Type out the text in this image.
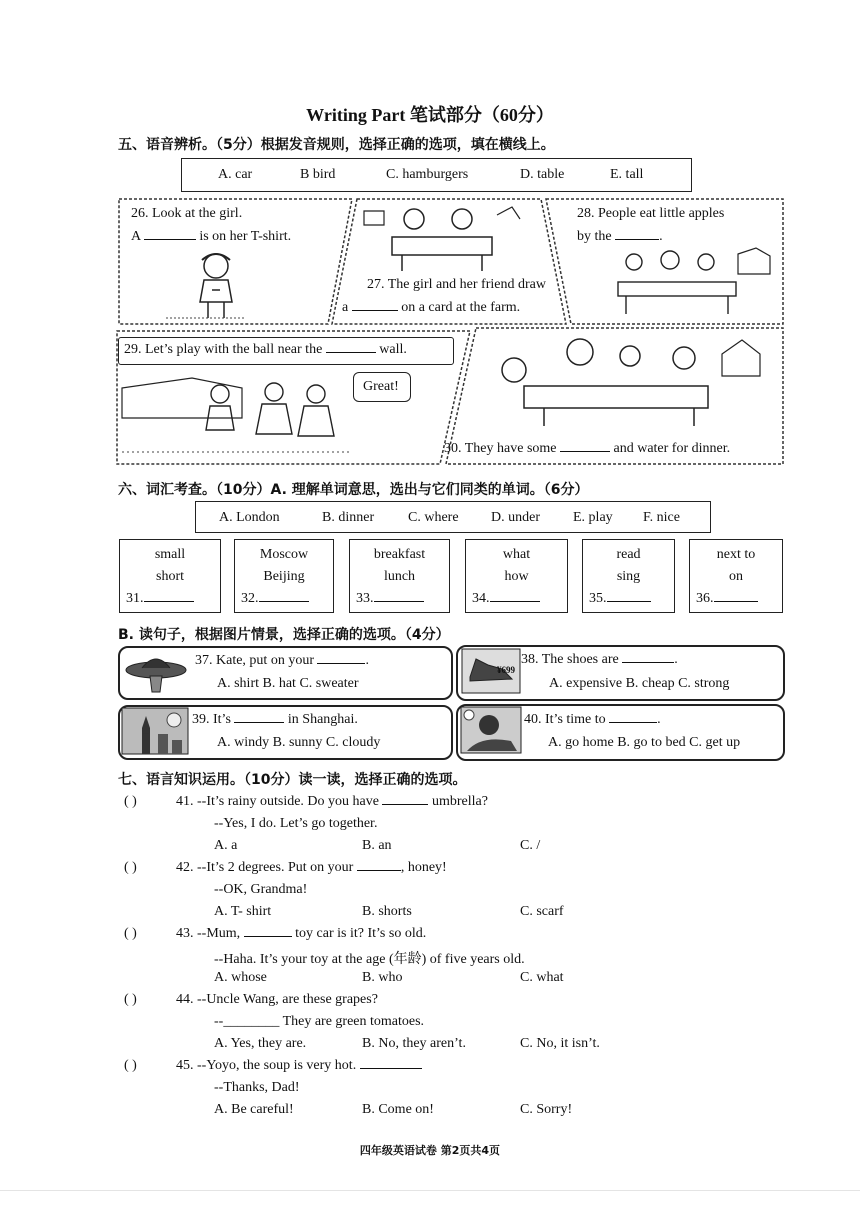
Writing Part 笔试部分（60分）
五、语音辨析。（5分）根据发音规则，选择正确的选项，填在横线上。
A. car	B bird	C. hamburgers	D. table	E. tall
26. Look at the girl.
A	is on her T-shirt.
27. The girl and her friend draw
a	on a card at the farm.
28. People eat little apples
by the	.
29. Let’s play with the ball near the	wall.
Great!
30. They have some	and water for dinner.
六、词汇考查。（10分）A. 理解单词意思，选出与它们同类的单词。（6分）
A. London	B. dinner C. where D. under E. play F. nice
small
short
31.
Moscow
Beijing
32.
breakfast
lunch
33.
what
how
34.
read
sing
35.
next to
on
36.
B. 读句子，根据图片情景，选择正确的选项。（4分）
37. Kate, put on your	.
A. shirt B. hat C. sweater
¥699
38. The shoes are	.
A. expensive B. cheap C. strong
39. It’s	in Shanghai.
A. windy B. sunny C. cloudy
40. It’s time to	.
A. go home B. go to bed C. get up
七、语言知识运用。（10分）读一读，选择正确的选项。
( )	41. --It’s rainy outside. Do you have	umbrella?
--Yes, I do. Let’s go together.
A. a	B. an	C. /
( )	42. --It’s 2 degrees. Put on your	, honey!
--OK, Grandma!
A. T- shirt	B. shorts	C. scarf
( )	43. --Mum,	toy car is it? It’s so old.
--Haha. It’s your toy at the age (年龄) of five years old.
A. whose	B. who	C. what
( )	44. --Uncle Wang, are these grapes?
--________ They are green tomatoes.
A. Yes, they are.	B. No, they aren’t.	C. No, it isn’t.
( )	45. --Yoyo, the soup is very hot.
--Thanks, Dad!
A. Be careful!	B. Come on!	C. Sorry!
四年级英语试卷 第2页共4页
